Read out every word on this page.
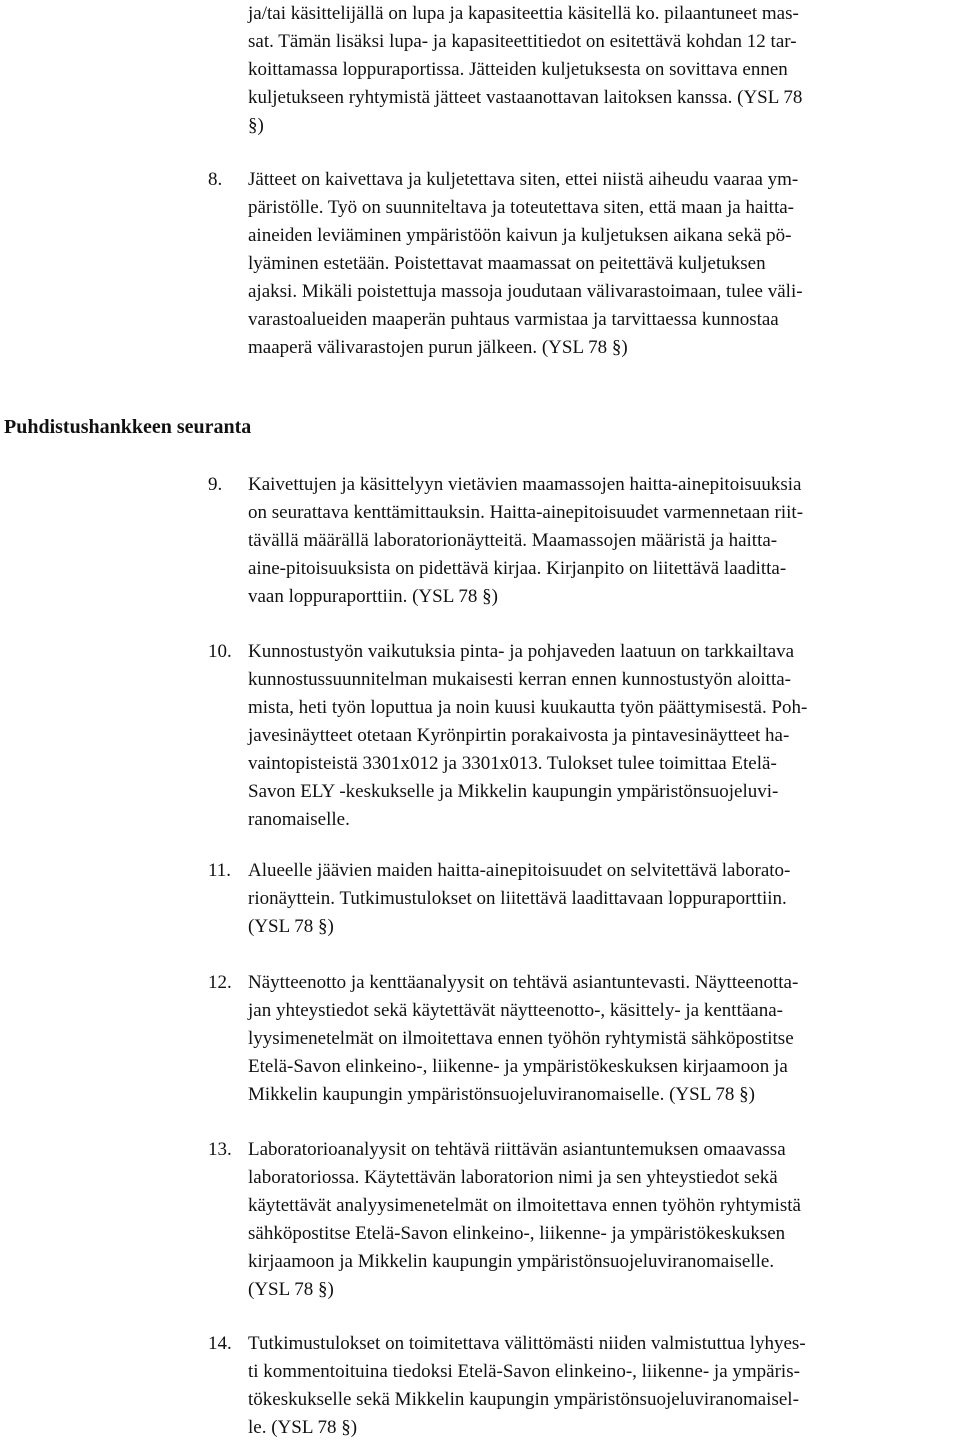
ja/tai käsittelijällä on lupa ja kapasiteettia käsitellä ko. pilaantuneet mas-
sat. Tämän lisäksi lupa- ja kapasiteettitiedot on esitettävä kohdan 12 tar-
koittamassa loppuraportissa. Jätteiden kuljetuksesta on sovittava ennen
kuljetukseen ryhtymistä jätteet vastaanottavan laitoksen kanssa. (YSL 78
§)
8. Jätteet on kaivettava ja kuljetettava siten, ettei niistä aiheudu vaaraa ym-
päristölle. Työ on suunniteltava ja toteutettava siten, että maan ja haitta-
aineiden leviäminen ympäristöön kaivun ja kuljetuksen aikana sekä pö-
lyäminen estetään. Poistettavat maamassat on peitettävä kuljetuksen
ajaksi. Mikäli poistettuja massoja joudutaan välivarastoimaan, tulee väli-
varastoalueiden maaperän puhtaus varmistaa ja tarvittaessa kunnostaa
maaperä välivarastojen purun jälkeen. (YSL 78 §)
Puhdistushankkeen seuranta
9. Kaivettujen ja käsittelyyn vietävien maamassojen haitta-ainepitoisuuksia
on seurattava kenttämittauksin. Haitta-ainepitoisuudet varmennetaan riit-
tävällä määrällä laboratorionäytteitä. Maamassojen määristä ja haitta-
aine-pitoisuuksista on pidettävä kirjaa. Kirjanpito on liitettävä laaditta-
vaan loppuraporttiin. (YSL 78 §)
10. Kunnostustyön vaikutuksia pinta- ja pohjaveden laatuun on tarkkailtava
kunnostussuunnitelman mukaisesti kerran ennen kunnostustyön aloitta-
mista, heti työn loputtua ja noin kuusi kuukautta työn päättymisestä. Poh-
javesinäytteet otetaan Kyrönpirtin porakaivosta ja pintavesinäytteet ha-
vaintopisteistä 3301x012 ja 3301x013. Tulokset tulee toimittaa Etelä-
Savon ELY -keskukselle ja Mikkelin kaupungin ympäristönsuojeluvi-
ranomaiselle.
11. Alueelle jäävien maiden haitta-ainepitoisuudet on selvitettävä laborato-
rionäyttein. Tutkimustulokset on liitettävä laadittavaan loppuraporttiin.
(YSL 78 §)
12. Näytteenotto ja kenttäanalyysit on tehtävä asiantuntevasti. Näytteenotta-
jan yhteystiedot sekä käytettävät näytteenotto-, käsittely- ja kenttäana-
lyysimenetelmät on ilmoitettava ennen työhön ryhtymistä sähköpostitse
Etelä-Savon elinkeino-, liikenne- ja ympäristökeskuksen kirjaamoon ja
Mikkelin kaupungin ympäristönsuojeluviranomaiselle. (YSL 78 §)
13. Laboratorioanalyysit on tehtävä riittävän asiantuntemuksen omaavassa
laboratoriossa. Käytettävän laboratorion nimi ja sen yhteystiedot sekä
käytettävät analyysimenetelmät on ilmoitettava ennen työhön ryhtymistä
sähköpostitse Etelä-Savon elinkeino-, liikenne- ja ympäristökeskuksen
kirjaamoon ja Mikkelin kaupungin ympäristönsuojeluviranomaiselle.
(YSL 78 §)
14. Tutkimustulokset on toimitettava välittömästi niiden valmistuttua lyhyes-
ti kommentoituina tiedoksi Etelä-Savon elinkeino-, liikenne- ja ympäris-
tökeskukselle sekä Mikkelin kaupungin ympäristönsuojeluviranomaisel-
le. (YSL 78 §)
